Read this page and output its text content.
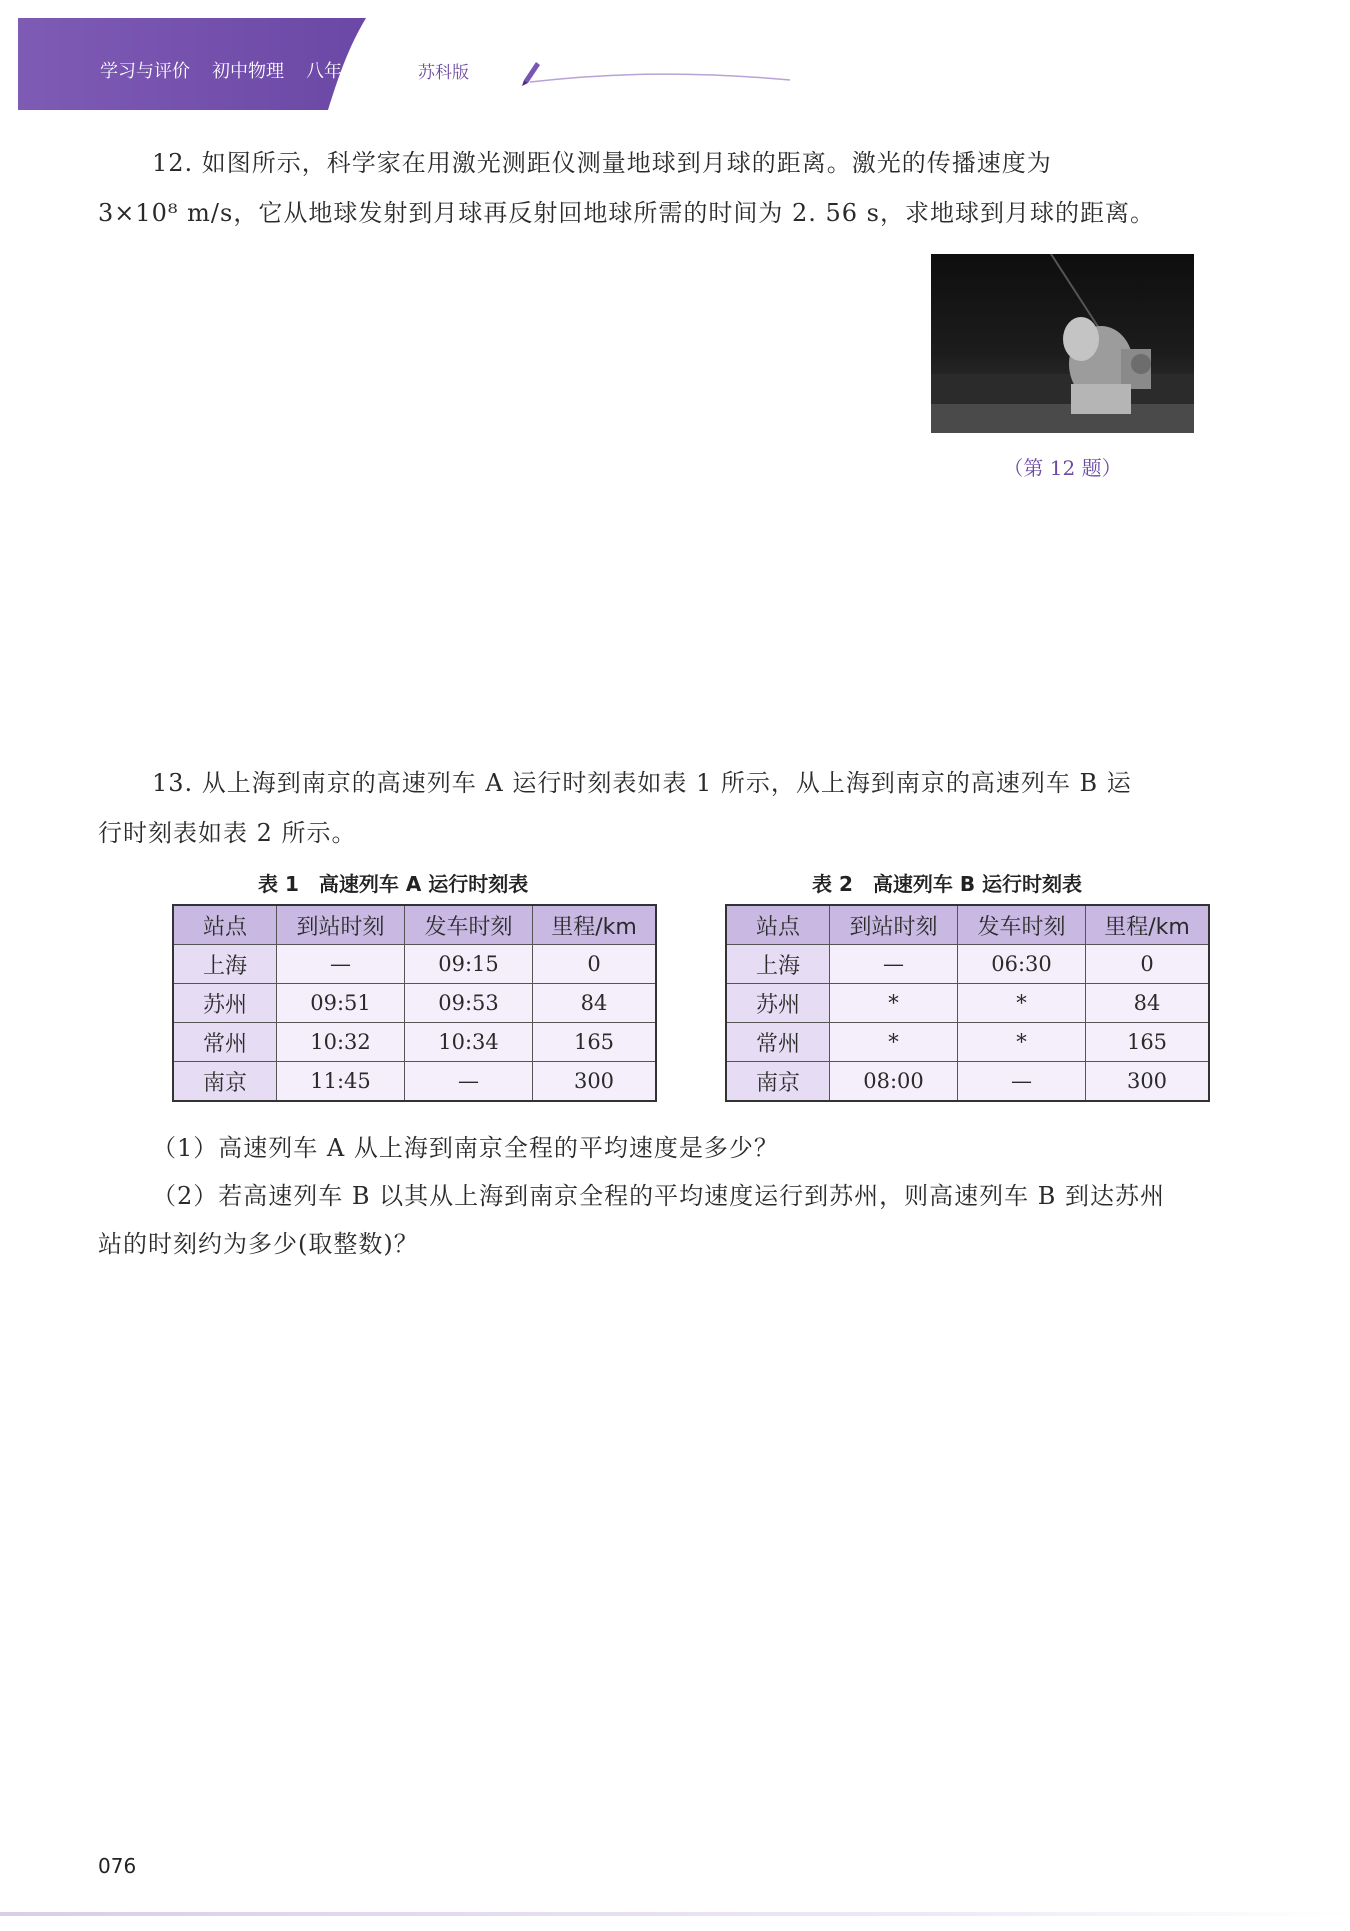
学习与评价 初中物理 八年级上册 苏科版

12. 如图所示，科学家在用激光测距仪测量地球到月球的距离。激光的传播速度为

3×10⁸ m/s，它从地球发射到月球再反射回地球所需的时间为 2. 56 s，求地球到月球的距离。

（第 12 题）

13. 从上海到南京的高速列车 A 运行时刻表如表 1 所示，从上海到南京的高速列车 B 运

行时刻表如表 2 所示。

表 1　高速列车 A 运行时刻表
站点	到站时刻	发车时刻	里程/km
上海	—	09:15	0
苏州	09:51	09:53	84
常州	10:32	10:34	165
南京	11:45	—	300
表 2　高速列车 B 运行时刻表
站点	到站时刻	发车时刻	里程/km
上海	—	06:30	0
苏州	*	*	84
常州	*	*	165
南京	08:00	—	300

（1）高速列车 A 从上海到南京全程的平均速度是多少？

（2）若高速列车 B 以其从上海到南京全程的平均速度运行到苏州，则高速列车 B 到达苏州

站的时刻约为多少(取整数)？

076
